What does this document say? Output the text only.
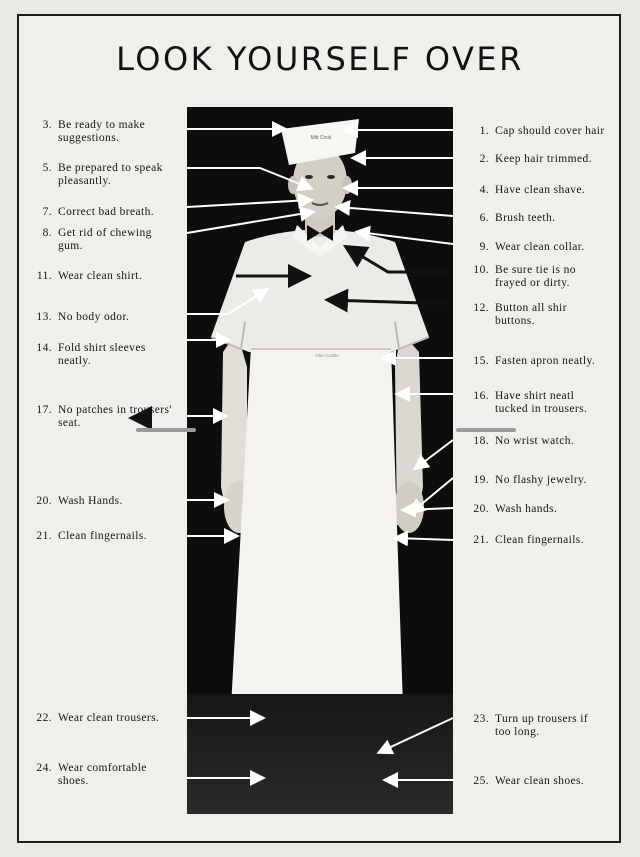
LOOK YOURSELF OVER
Ohio Castle
Mitt Cook
3. Be ready to make
suggestions.
5. Be prepared to speak
pleasantly.
7. Correct bad breath.
8. Get rid of chewing
gum.
11. Wear clean shirt.
13. No body odor.
14. Fold shirt sleeves
neatly.
17. No patches in trousers'
seat.
20. Wash Hands.
21. Clean fingernails.
22. Wear clean trousers.
24. Wear comfortable
shoes.
1. Cap should cover hair
2. Keep hair trimmed.
4. Have clean shave.
6. Brush teeth.
9. Wear clean collar.
10. Be sure tie is no
frayed or dirty.
12. Button all shir
buttons.
15. Fasten apron neatly.
16. Have shirt neatl
tucked in trousers.
18. No wrist watch.
19. No flashy jewelry.
20. Wash hands.
21. Clean fingernails.
23. Turn up trousers if
too long.
25. Wear clean shoes.
